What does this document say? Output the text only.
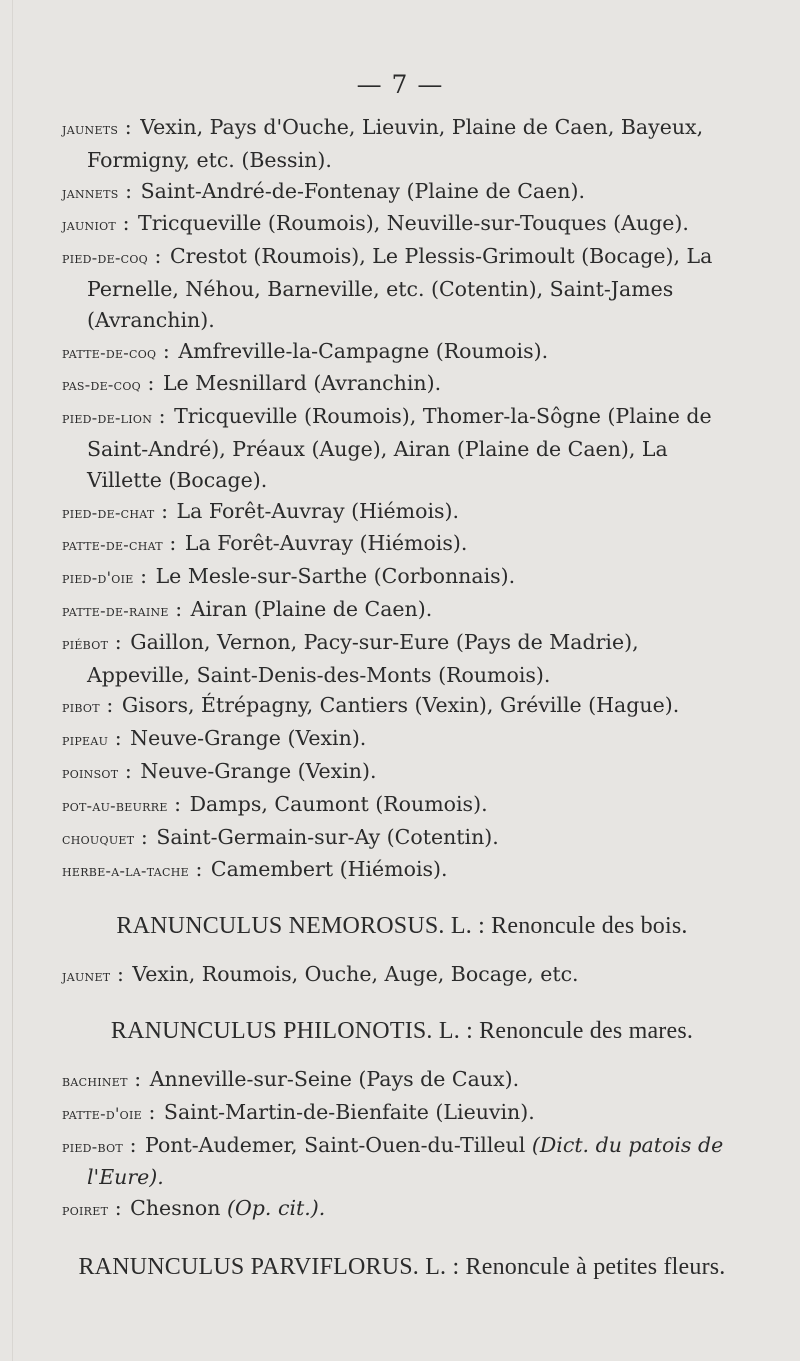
— 7 —
jaunets : Vexin, Pays d'Ouche, Lieuvin, Plaine de Caen, Bayeux, Formigny, etc. (Bessin).
jannets : Saint-André-de-Fontenay (Plaine de Caen).
jauniot : Tricqueville (Roumois), Neuville-sur-Touques (Auge).
pied-de-coq : Crestot (Roumois), Le Plessis-Grimoult (Bocage), La Pernelle, Néhou, Barneville, etc. (Cotentin), Saint-James (Avranchin).
patte-de-coq : Amfreville-la-Campagne (Roumois).
pas-de-coq : Le Mesnillard (Avranchin).
pied-de-lion : Tricqueville (Roumois), Thomer-la-Sôgne (Plaine de Saint-André), Préaux (Auge), Airan (Plaine de Caen), La Villette (Bocage).
pied-de-chat : La Forêt-Auvray (Hiémois).
patte-de-chat : La Forêt-Auvray (Hiémois).
pied-d'oie : Le Mesle-sur-Sarthe (Corbonnais).
patte-de-raine : Airan (Plaine de Caen).
piébot : Gaillon, Vernon, Pacy-sur-Eure (Pays de Madrie), Appeville, Saint-Denis-des-Monts (Roumois).
pibot : Gisors, Étrépagny, Cantiers (Vexin), Gréville (Hague).
pipeau : Neuve-Grange (Vexin).
poinsot : Neuve-Grange (Vexin).
pot-au-beurre : Damps, Caumont (Roumois).
chouquet : Saint-Germain-sur-Ay (Cotentin).
herbe-a-la-tache : Camembert (Hiémois).
RANUNCULUS NEMOROSUS. L. : Renoncule des bois.
jaunet : Vexin, Roumois, Ouche, Auge, Bocage, etc.
RANUNCULUS PHILONOTIS. L. : Renoncule des mares.
bachinet : Anneville-sur-Seine (Pays de Caux).
patte-d'oie : Saint-Martin-de-Bienfaite (Lieuvin).
pied-bot : Pont-Audemer, Saint-Ouen-du-Tilleul (Dict. du patois de l'Eure).
poiret : Chesnon (Op. cit.).
RANUNCULUS PARVIFLORUS. L. : Renoncule à petites fleurs.
